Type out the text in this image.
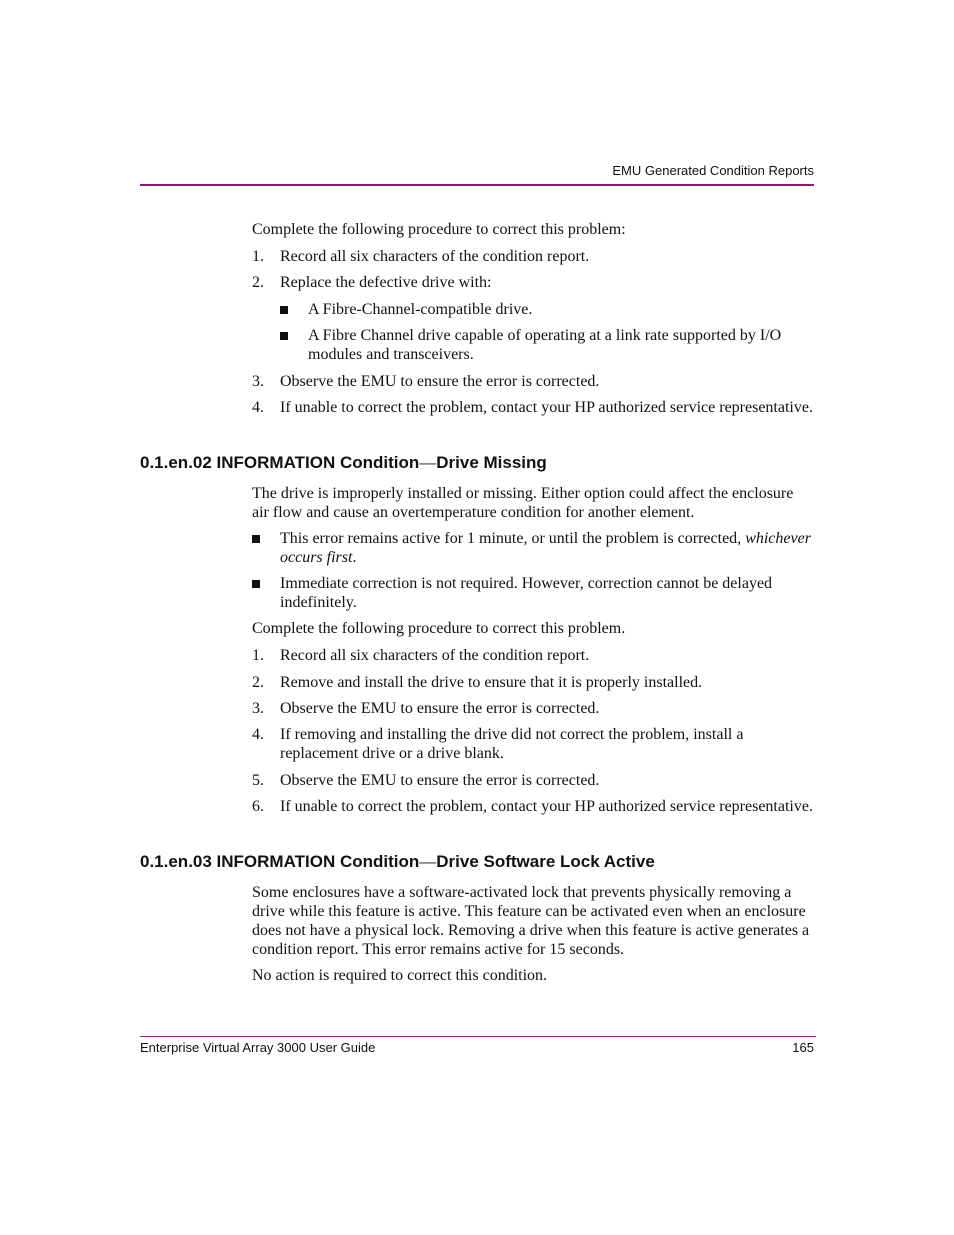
EMU Generated Condition Reports
Complete the following procedure to correct this problem:
1. Record all six characters of the condition report.
2. Replace the defective drive with:
A Fibre-Channel-compatible drive.
A Fibre Channel drive capable of operating at a link rate supported by I/O modules and transceivers.
3. Observe the EMU to ensure the error is corrected.
4. If unable to correct the problem, contact your HP authorized service representative.
0.1.en.02 INFORMATION Condition—Drive Missing
The drive is improperly installed or missing. Either option could affect the enclosure air flow and cause an overtemperature condition for another element.
This error remains active for 1 minute, or until the problem is corrected, whichever occurs first.
Immediate correction is not required. However, correction cannot be delayed indefinitely.
Complete the following procedure to correct this problem.
1. Record all six characters of the condition report.
2. Remove and install the drive to ensure that it is properly installed.
3. Observe the EMU to ensure the error is corrected.
4. If removing and installing the drive did not correct the problem, install a replacement drive or a drive blank.
5. Observe the EMU to ensure the error is corrected.
6. If unable to correct the problem, contact your HP authorized service representative.
0.1.en.03 INFORMATION Condition—Drive Software Lock Active
Some enclosures have a software-activated lock that prevents physically removing a drive while this feature is active. This feature can be activated even when an enclosure does not have a physical lock. Removing a drive when this feature is active generates a condition report. This error remains active for 15 seconds.
No action is required to correct this condition.
Enterprise Virtual Array 3000 User Guide	165
